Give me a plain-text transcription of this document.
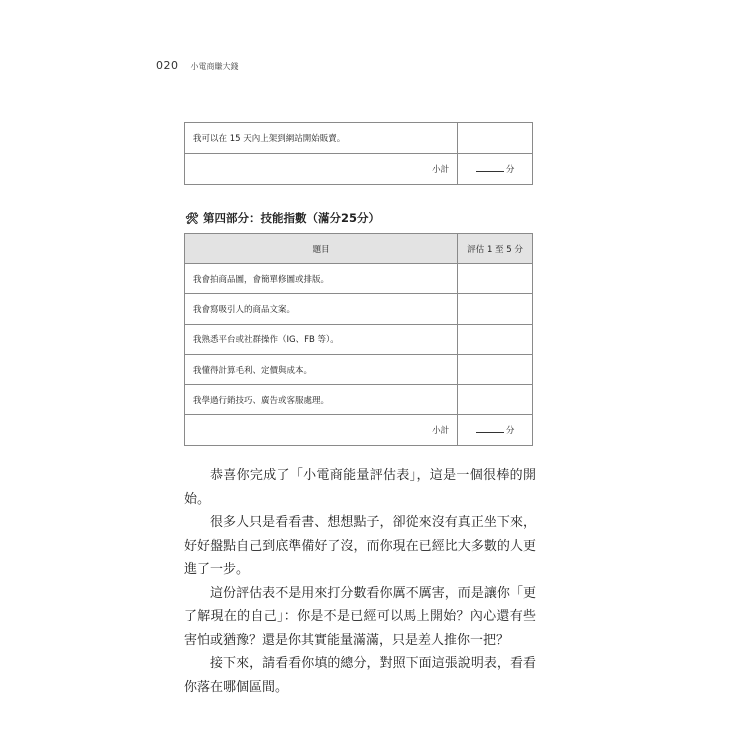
020 小電商賺大錢
我可以在 15 天內上架到網站開始販賣。	
小計	分
🛠 第四部分：技能指數（滿分25分）
題目	評估 1 至 5 分
我會拍商品圖，會簡單修圖或排版。	
我會寫吸引人的商品文案。	
我熟悉平台或社群操作（IG、FB 等）。	
我懂得計算毛利、定價與成本。	
我學過行銷技巧、廣告或客服處理。	
小計	分

恭喜你完成了「小電商能量評估表」，這是一個很棒的開始。

很多人只是看看書、想想點子，卻從來沒有真正坐下來，好好盤點自己到底準備好了沒，而你現在已經比大多數的人更進了一步。

這份評估表不是用來打分數看你厲不厲害，而是讓你「更了解現在的自己」：你是不是已經可以馬上開始？內心還有些害怕或猶豫？還是你其實能量滿滿，只是差人推你一把？

接下來，請看看你填的總分，對照下面這張說明表，看看你落在哪個區間。
